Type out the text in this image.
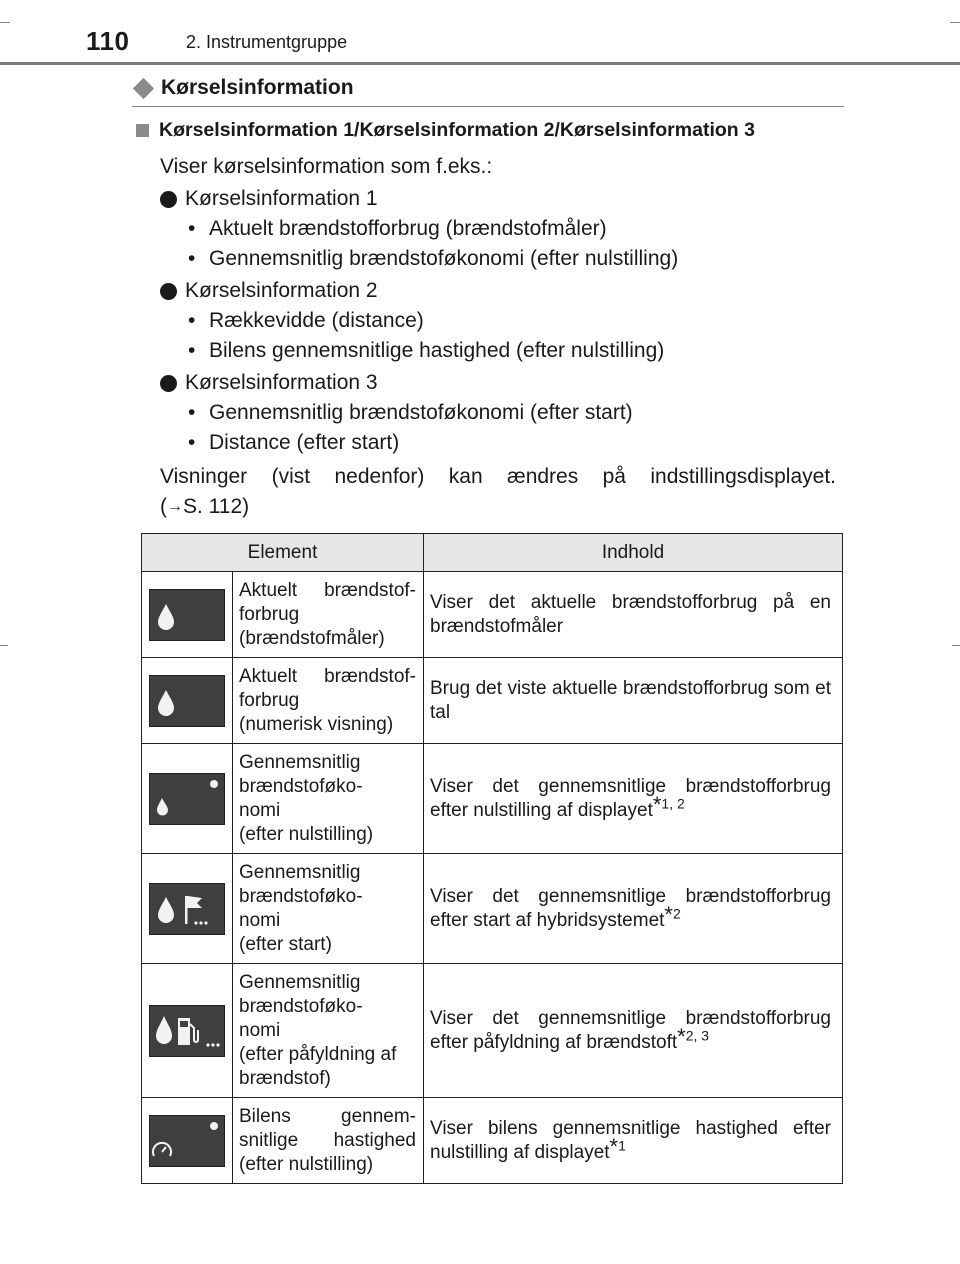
110	2. Instrumentgruppe
Kørselsinformation
Kørselsinformation 1/Kørselsinformation 2/Kørselsinformation 3

Viser kørselsinformation som f.eks.:

Kørselsinformation 1
• Aktuelt brændstofforbrug (brændstofmåler)
• Gennemsnitlig brændstoføkonomi (efter nulstilling)
Kørselsinformation 2
• Rækkevidde (distance)
• Bilens gennemsnitlige hastighed (efter nulstilling)
Kørselsinformation 3
• Gennemsnitlig brændstoføkonomi (efter start)
• Distance (efter start)

Visninger (vist nedenfor) kan ændres på indstillingsdisplayet.

(→S. 112)

Element		Indhold

Aktuelt brændstof-
forbrug
(brændstofmåler)	Viser det aktuelle brændstofforbrug på en brændstofmåler

Aktuelt brændstof-
forbrug
(numerisk visning)	Brug det viste aktuelle brændstofforbrug som et tal

Gennemsnitlig
brændstoføko-
nomi
(efter nulstilling)	Viser det gennemsnitlige brændstofforbrug efter nulstilling af displayet*$^{1, 2}$

Gennemsnitlig
brændstoføko-
nomi
(efter start)	Viser det gennemsnitlige brændstofforbrug efter start af hybridsystemet*$^2$

Gennemsnitlig
brændstoføko-
nomi
(efter påfyldning af
brændstof)	Viser det gennemsnitlige brændstofforbrug efter påfyldning af brændstoft*$^{2, 3}$

Bilens gennem-
snitlige hastighed
(efter nulstilling)	Viser bilens gennemsnitlige hastighed efter nulstilling af displayet*$^1$
